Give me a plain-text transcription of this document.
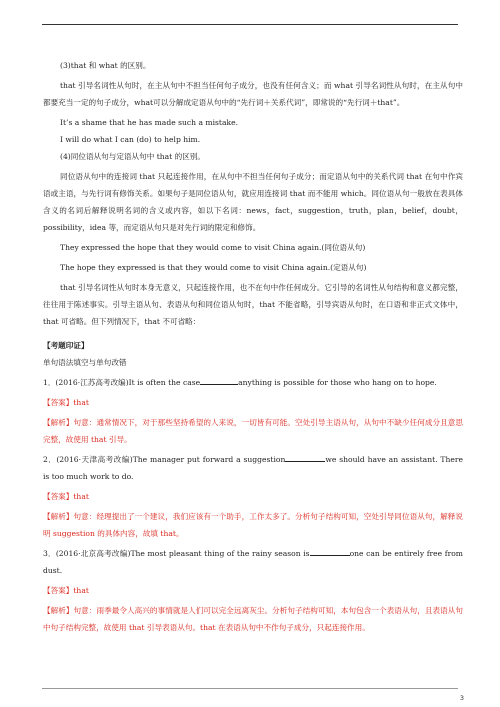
(3)that 和 what 的区别。

that 引导名词性从句时，在主从句中不担当任何句子成分，也没有任何含义；而 what 引导名词性从句时，在主从句中都要充当一定的句子成分，what可以分解成定语从句中的“先行词＋关系代词”，即常说的“先行词＋that”。

It’s a shame that he has made such a mistake.

I will do what I can (do) to help him.

(4)同位语从句与定语从句中 that 的区别。

同位语从句中的连接词 that 只起连接作用，在从句中不担当任何句子成分；而定语从句中的关系代词 that 在句中作宾语或主语，与先行词有修饰关系。如果句子是同位语从句，就应用连接词 that 而不能用 which。同位语从句一般放在表具体含义的名词后解释说明名词的含义或内容，如以下名词：news，fact，suggestion，truth，plan，belief，doubt，possibility，idea 等，而定语从句只是对先行词的限定和修饰。

They expressed the hope that they would come to visit China again.(同位语从句)

The hope they expressed is that they would come to visit China again.(定语从句)

that 引导名词性从句时本身无意义，只起连接作用，也不在句中作任何成分。它引导的名词性从句结构和意义都完整，往往用于陈述事实。引导主语从句、表语从句和同位语从句时，that 不能省略，引导宾语从句时，在口语和非正式文体中，that 可省略。但下列情况下，that 不可省略：

【考题印证】

单句语法填空与单句改错

1．(2016·江苏高考改编)It is often the case	anything is possible for those who hang on to hope.

【答案】that

【解析】句意：通常情况下，对于那些坚持希望的人来说，一切皆有可能。空处引导主语从句，从句中不缺少任何成分且意思完整，故使用 that 引导。

2．(2016·天津高考改编)The manager put forward a suggestion	we should have an assistant. There is too much work to do.

【答案】that

【解析】句意：经理提出了一个建议，我们应该有一个助手，工作太多了。分析句子结构可知，空处引导同位语从句，解释说明 suggestion 的具体内容，故填 that。

3．(2016·北京高考改编)The most pleasant thing of the rainy season is	one can be entirely free from dust.

【答案】that

【解析】句意：雨季最令人高兴的事情就是人们可以完全远离灰尘。分析句子结构可知，本句包含一个表语从句，且表语从句中句子结构完整，故使用 that 引导表语从句。that 在表语从句中不作句子成分，只起连接作用。

3
